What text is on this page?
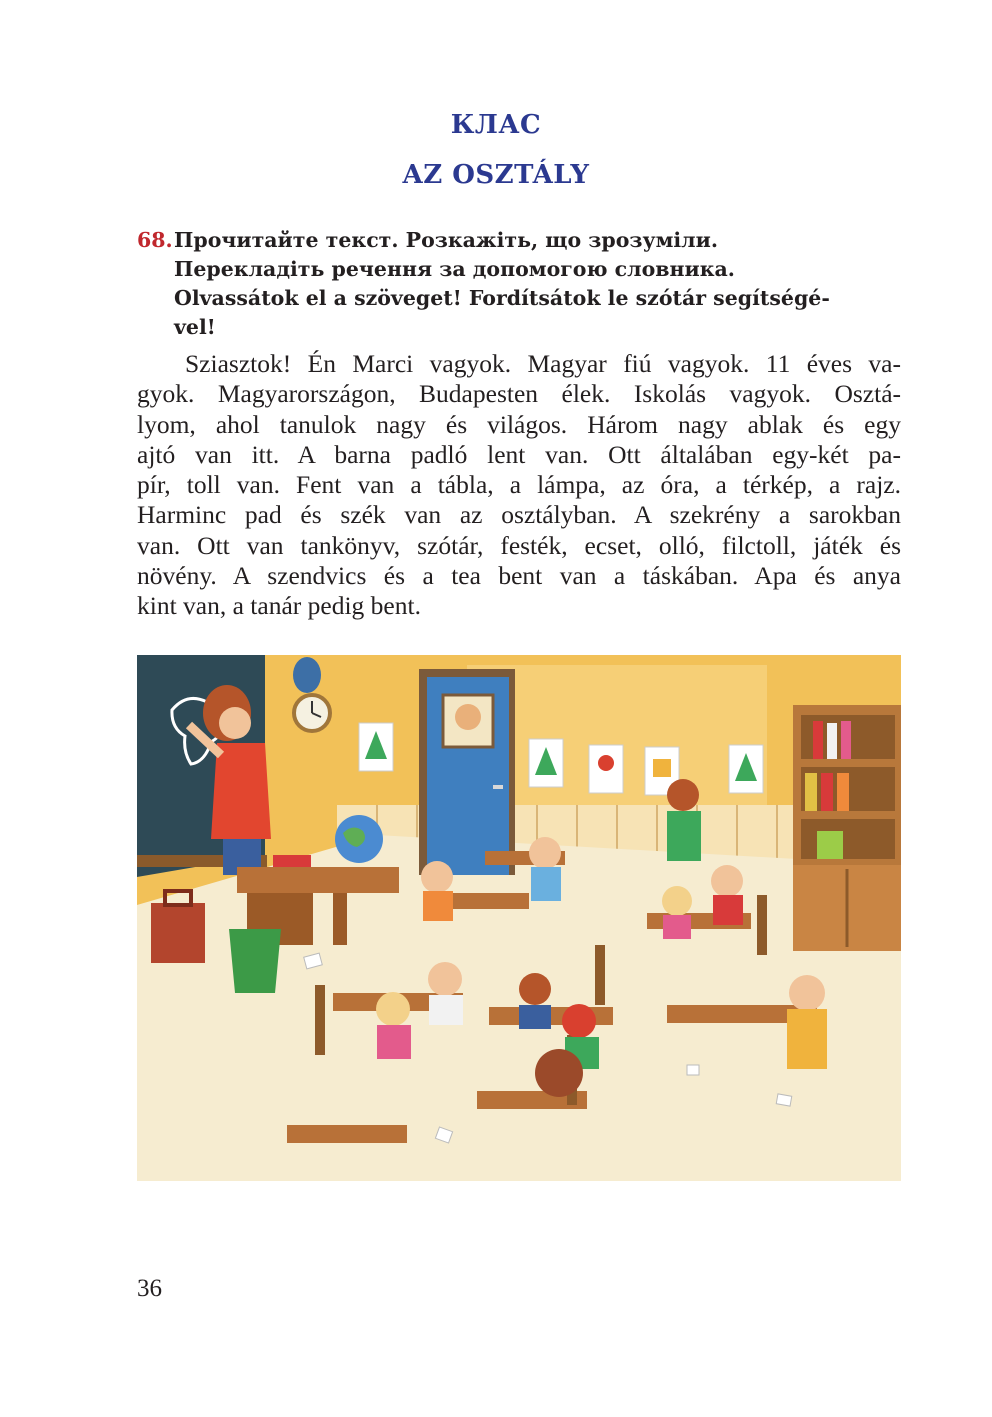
КЛАС
AZ OSZTÁLY
68. Прочитайте текст. Розкажіть, що зрозуміли.
Перекладіть речення за допомогою словника.
Olvassátok el a szöveget! Fordítsátok le szótár segítségé-
vel!
Sziasztok! Én Marci vagyok. Magyar fiú vagyok. 11 éves va-
gyok. Magyarországon, Budapesten élek. Iskolás vagyok. Osztá-
lyom, ahol tanulok nagy és világos. Három nagy ablak és egy
ajtó van itt. A barna padló lent van. Ott általában egy-két pa-
pír, toll van. Fent van a tábla, a lámpa, az óra, a térkép, a rajz.
Harminc pad és szék van az osztályban. A szekrény a sarokban
van. Ott van tankönyv, szótár, festék, ecset, olló, filctoll, játék és
növény. A szendvics és a tea bent van a táskában. Apa és anya
kint van, a tanár pedig bent.
36
